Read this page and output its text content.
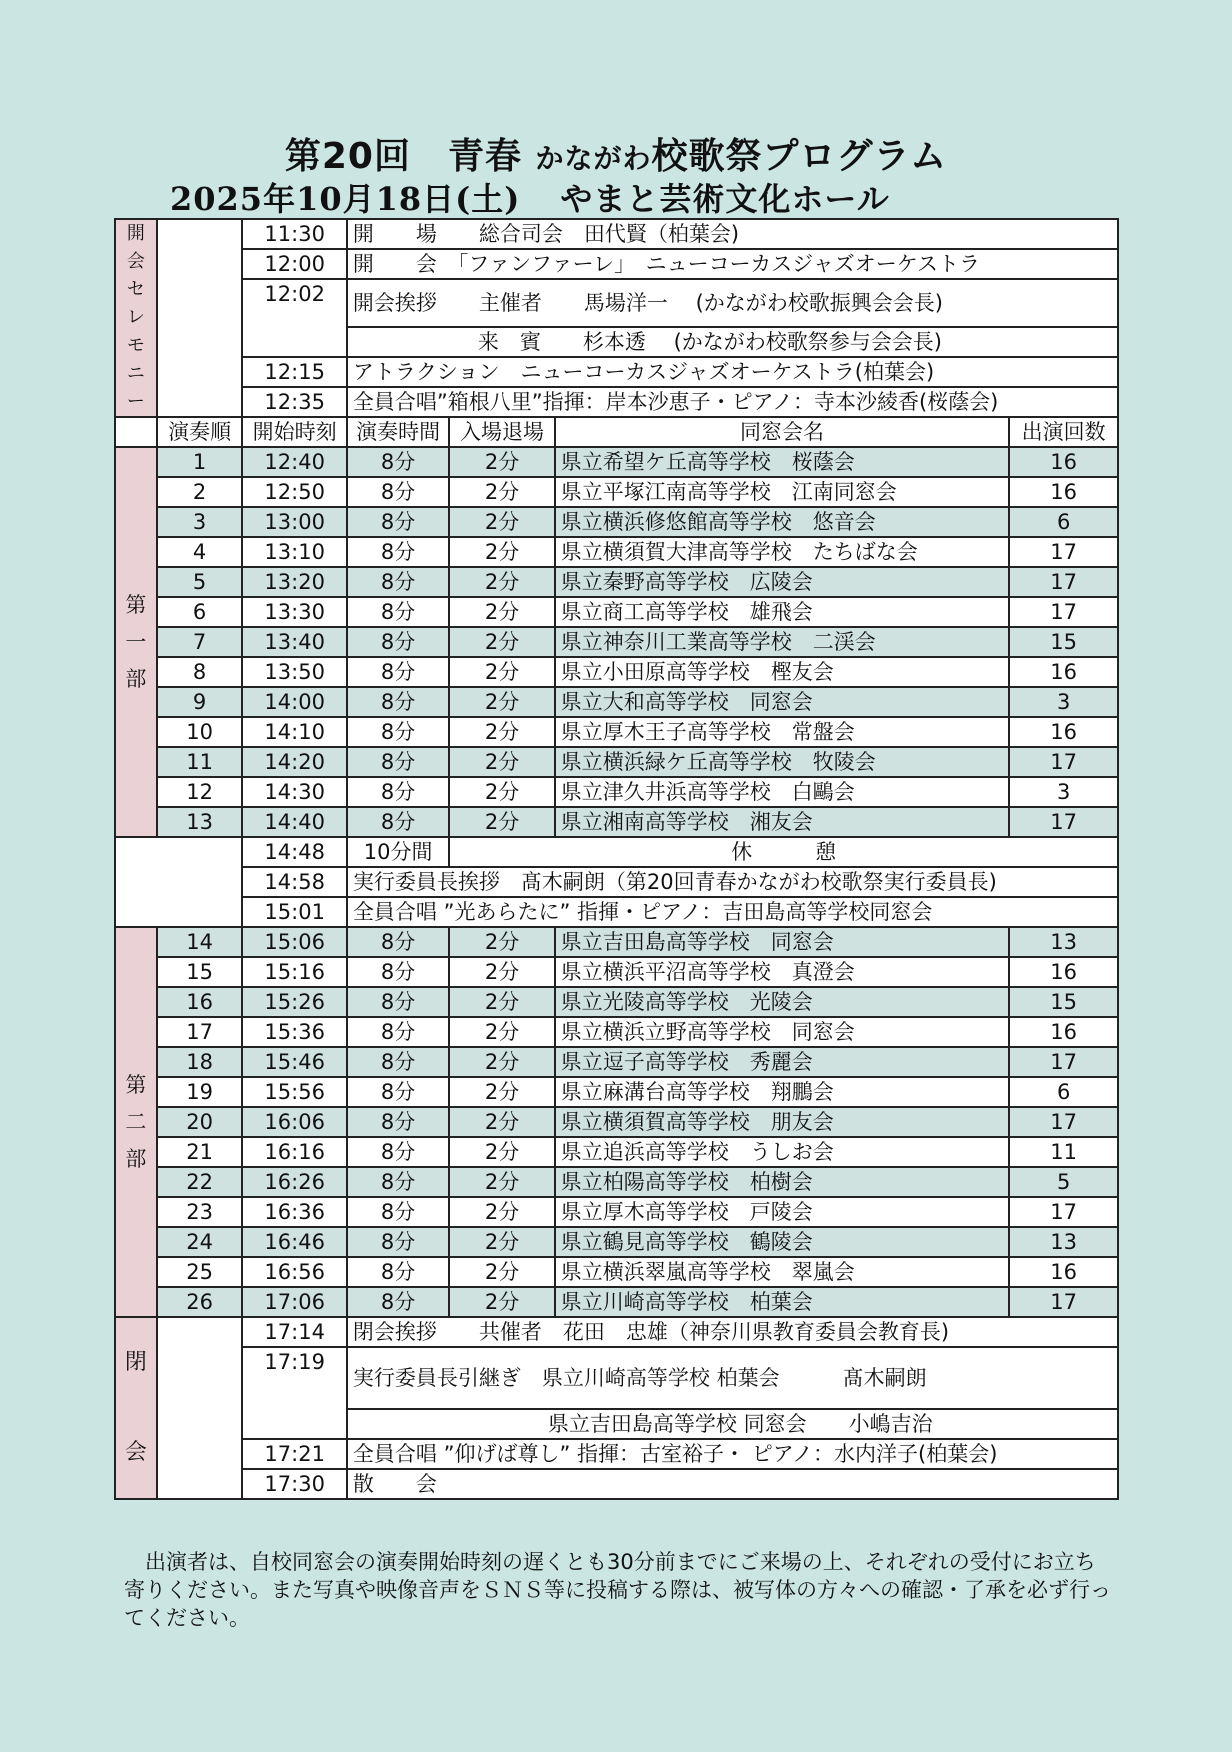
第20回　青春 かながわ校歌祭プログラム
2025年10月18日(土) やまと芸術文化ホール
開会セレモニー		11:30	開　　場　　総合司会　田代賢（柏葉会)			
		12:00	開　　会　「ファンファーレ」　ニューコーカスジャズオーケストラ			
		12:02	開会挨拶　　主催者　　馬場洋一　 (かながわ校歌振興会会長)			
			来　賓　　杉本透　 (かながわ校歌祭参与会会長)			
		12:15	アトラクション　ニューコーカスジャズオーケストラ(柏葉会)			
		12:35	全員合唱”箱根八里”指揮：岸本沙恵子・ピアノ：寺本沙綾香(桜蔭会)			
	演奏順	開始時刻	演奏時間	入場退場	同窓会名	出演回数
第一部	1	12:40	8分	2分	県立希望ケ丘高等学校　桜蔭会	16
	2	12:50	8分	2分	県立平塚江南高等学校　江南同窓会	16
	3	13:00	8分	2分	県立横浜修悠館高等学校　悠音会	6
	4	13:10	8分	2分	県立横須賀大津高等学校　たちばな会	17
	5	13:20	8分	2分	県立秦野高等学校　広陵会	17
	6	13:30	8分	2分	県立商工高等学校　雄飛会	17
	7	13:40	8分	2分	県立神奈川工業高等学校　二渓会	15
	8	13:50	8分	2分	県立小田原高等学校　樫友会	16
	9	14:00	8分	2分	県立大和高等学校　同窓会	3
	10	14:10	8分	2分	県立厚木王子高等学校　常盤会	16
	11	14:20	8分	2分	県立横浜緑ケ丘高等学校　牧陵会	17
	12	14:30	8分	2分	県立津久井浜高等学校　白鷗会	3
	13	14:40	8分	2分	県立湘南高等学校　湘友会	17
		14:48	10分間	休　　　憩		
		14:58	実行委員長挨拶　髙木嗣朗（第20回青春かながわ校歌祭実行委員長)			
		15:01	全員合唱 ”光あらたに” 指揮・ピアノ：吉田島高等学校同窓会			
第二部	14	15:06	8分	2分	県立吉田島高等学校　同窓会	13
	15	15:16	8分	2分	県立横浜平沼高等学校　真澄会	16
	16	15:26	8分	2分	県立光陵高等学校　光陵会	15
	17	15:36	8分	2分	県立横浜立野高等学校　同窓会	16
	18	15:46	8分	2分	県立逗子高等学校　秀麗会	17
	19	15:56	8分	2分	県立麻溝台高等学校　翔鵬会	6
	20	16:06	8分	2分	県立横須賀高等学校　朋友会	17
	21	16:16	8分	2分	県立追浜高等学校　うしお会	11
	22	16:26	8分	2分	県立柏陽高等学校　柏樹会	5
	23	16:36	8分	2分	県立厚木高等学校　戸陵会	17
	24	16:46	8分	2分	県立鶴見高等学校　鶴陵会	13
	25	16:56	8分	2分	県立横浜翠嵐高等学校　翠嵐会	16
	26	17:06	8分	2分	県立川崎高等学校　柏葉会	17
閉会		17:14	閉会挨拶　　共催者　花田　忠雄（神奈川県教育委員会教育長)			
		17:19	実行委員長引継ぎ　県立川崎高等学校 柏葉会　　　髙木嗣朗			
			県立吉田島高等学校 同窓会　　小嶋吉治			
		17:21	全員合唱 ”仰げば尊し” 指揮：古室裕子・ ピアノ：水内洋子(柏葉会)			
		17:30	散　　会			
　出演者は、自校同窓会の演奏開始時刻の遅くとも30分前までにご来場の上、それぞれの受付にお立ち寄りください。また写真や映像音声をＳＮＳ等に投稿する際は、被写体の方々への確認・了承を必ず行ってください。
